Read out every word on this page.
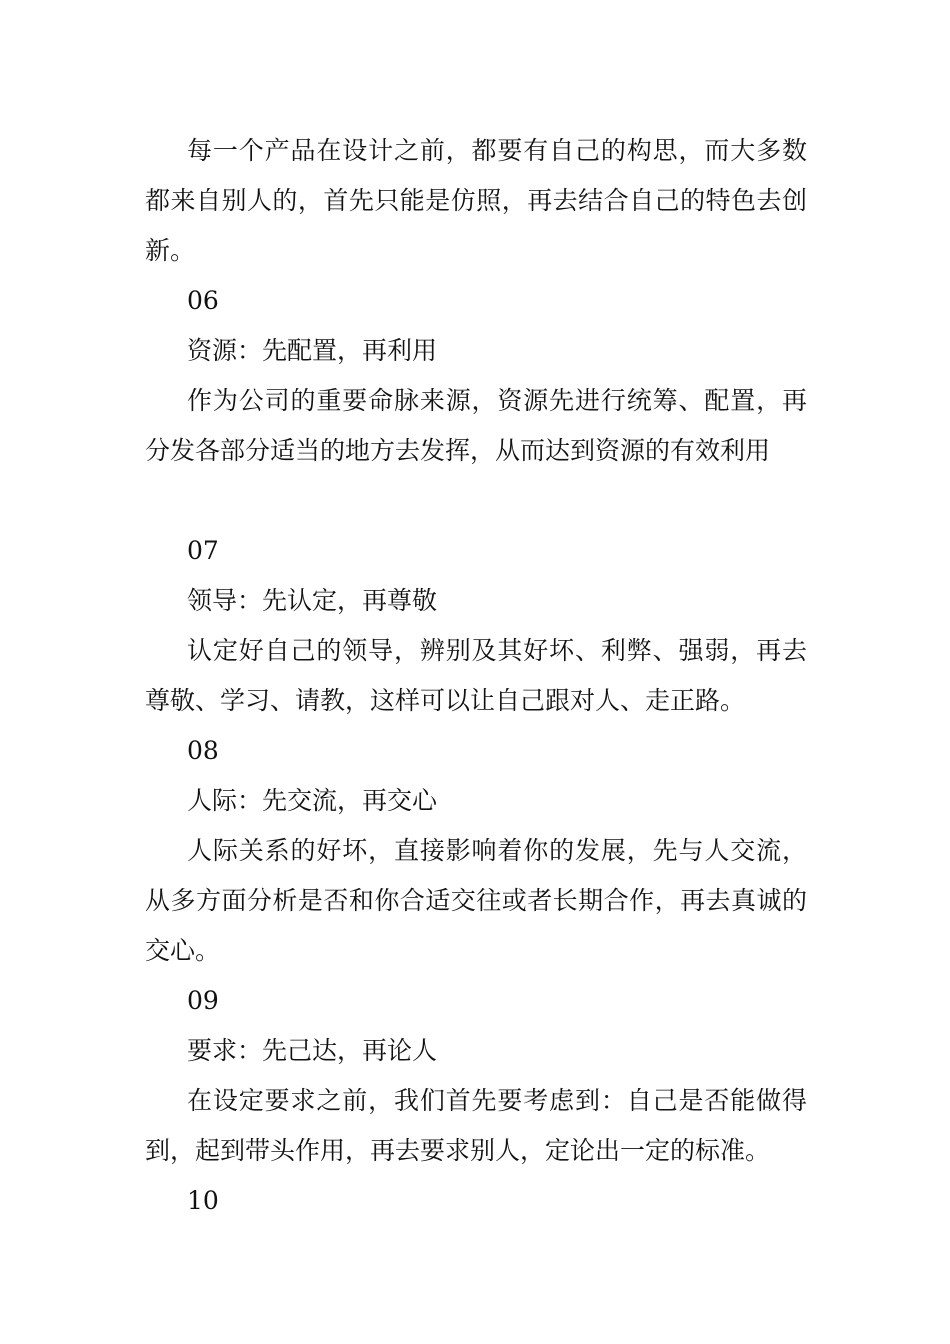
每一个产品在设计之前，都要有自己的构思，而大多数都来自别人的，首先只能是仿照，再去结合自己的特色去创新。

06

资源：先配置，再利用

作为公司的重要命脉来源，资源先进行统筹、配置，再分发各部分适当的地方去发挥，从而达到资源的有效利用

07

领导：先认定，再尊敬

认定好自己的领导，辨别及其好坏、利弊、强弱，再去尊敬、学习、请教，这样可以让自己跟对人、走正路。

08

人际：先交流，再交心

人际关系的好坏，直接影响着你的发展，先与人交流，从多方面分析是否和你合适交往或者长期合作，再去真诚的交心。

09

要求：先己达，再论人

在设定要求之前，我们首先要考虑到：自己是否能做得到，起到带头作用，再去要求别人，定论出一定的标准。

10
